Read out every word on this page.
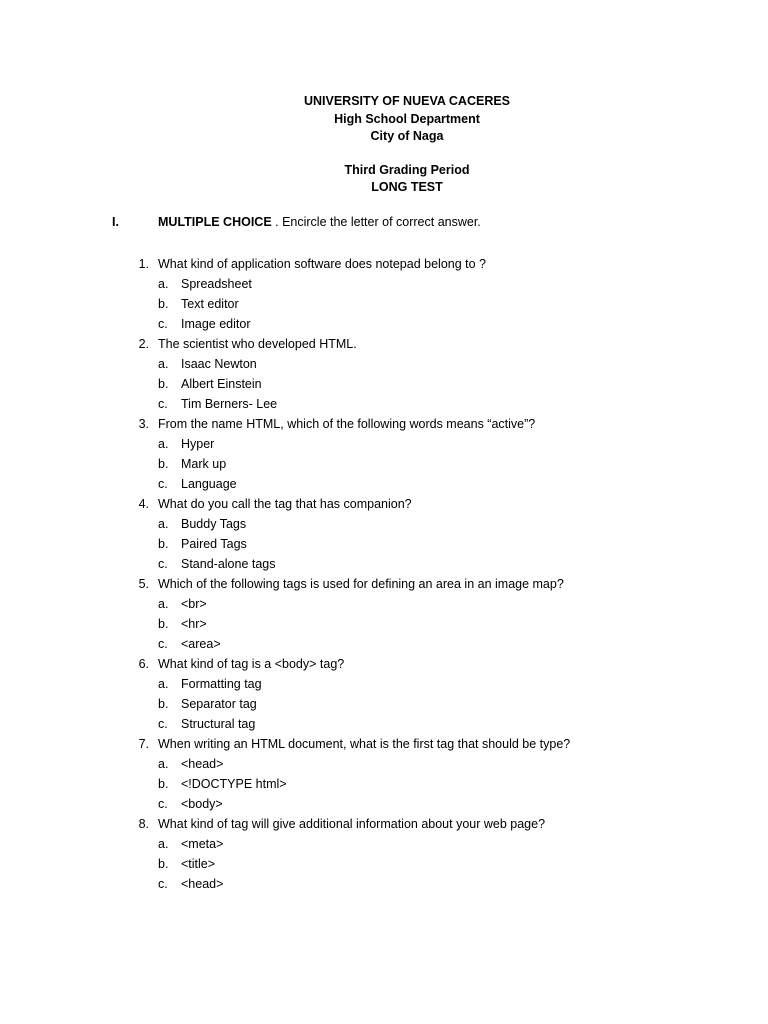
UNIVERSITY OF NUEVA CACERES
High School Department
City of Naga
Third Grading Period
LONG TEST
I.	MULTIPLE CHOICE . Encircle the letter of correct answer.
1. What kind of application software does notepad belong to ?
a. Spreadsheet
b. Text editor
c. Image editor
2. The scientist who developed HTML.
a. Isaac Newton
b. Albert Einstein
c. Tim Berners- Lee
3. From the name HTML, which of the following words means “active”?
a. Hyper
b. Mark up
c. Language
4. What do you call the tag that has companion?
a. Buddy Tags
b. Paired Tags
c. Stand-alone tags
5. Which of the following tags is used for defining an area in an image map?
a. <br>
b. <hr>
c. <area>
6. What kind of tag is a <body> tag?
a. Formatting tag
b. Separator tag
c. Structural tag
7. When writing an HTML document, what is the first tag that should be type?
a. <head>
b. <!DOCTYPE html>
c. <body>
8. What kind of tag will give additional information about your web page?
a. <meta>
b. <title>
c. <head>
